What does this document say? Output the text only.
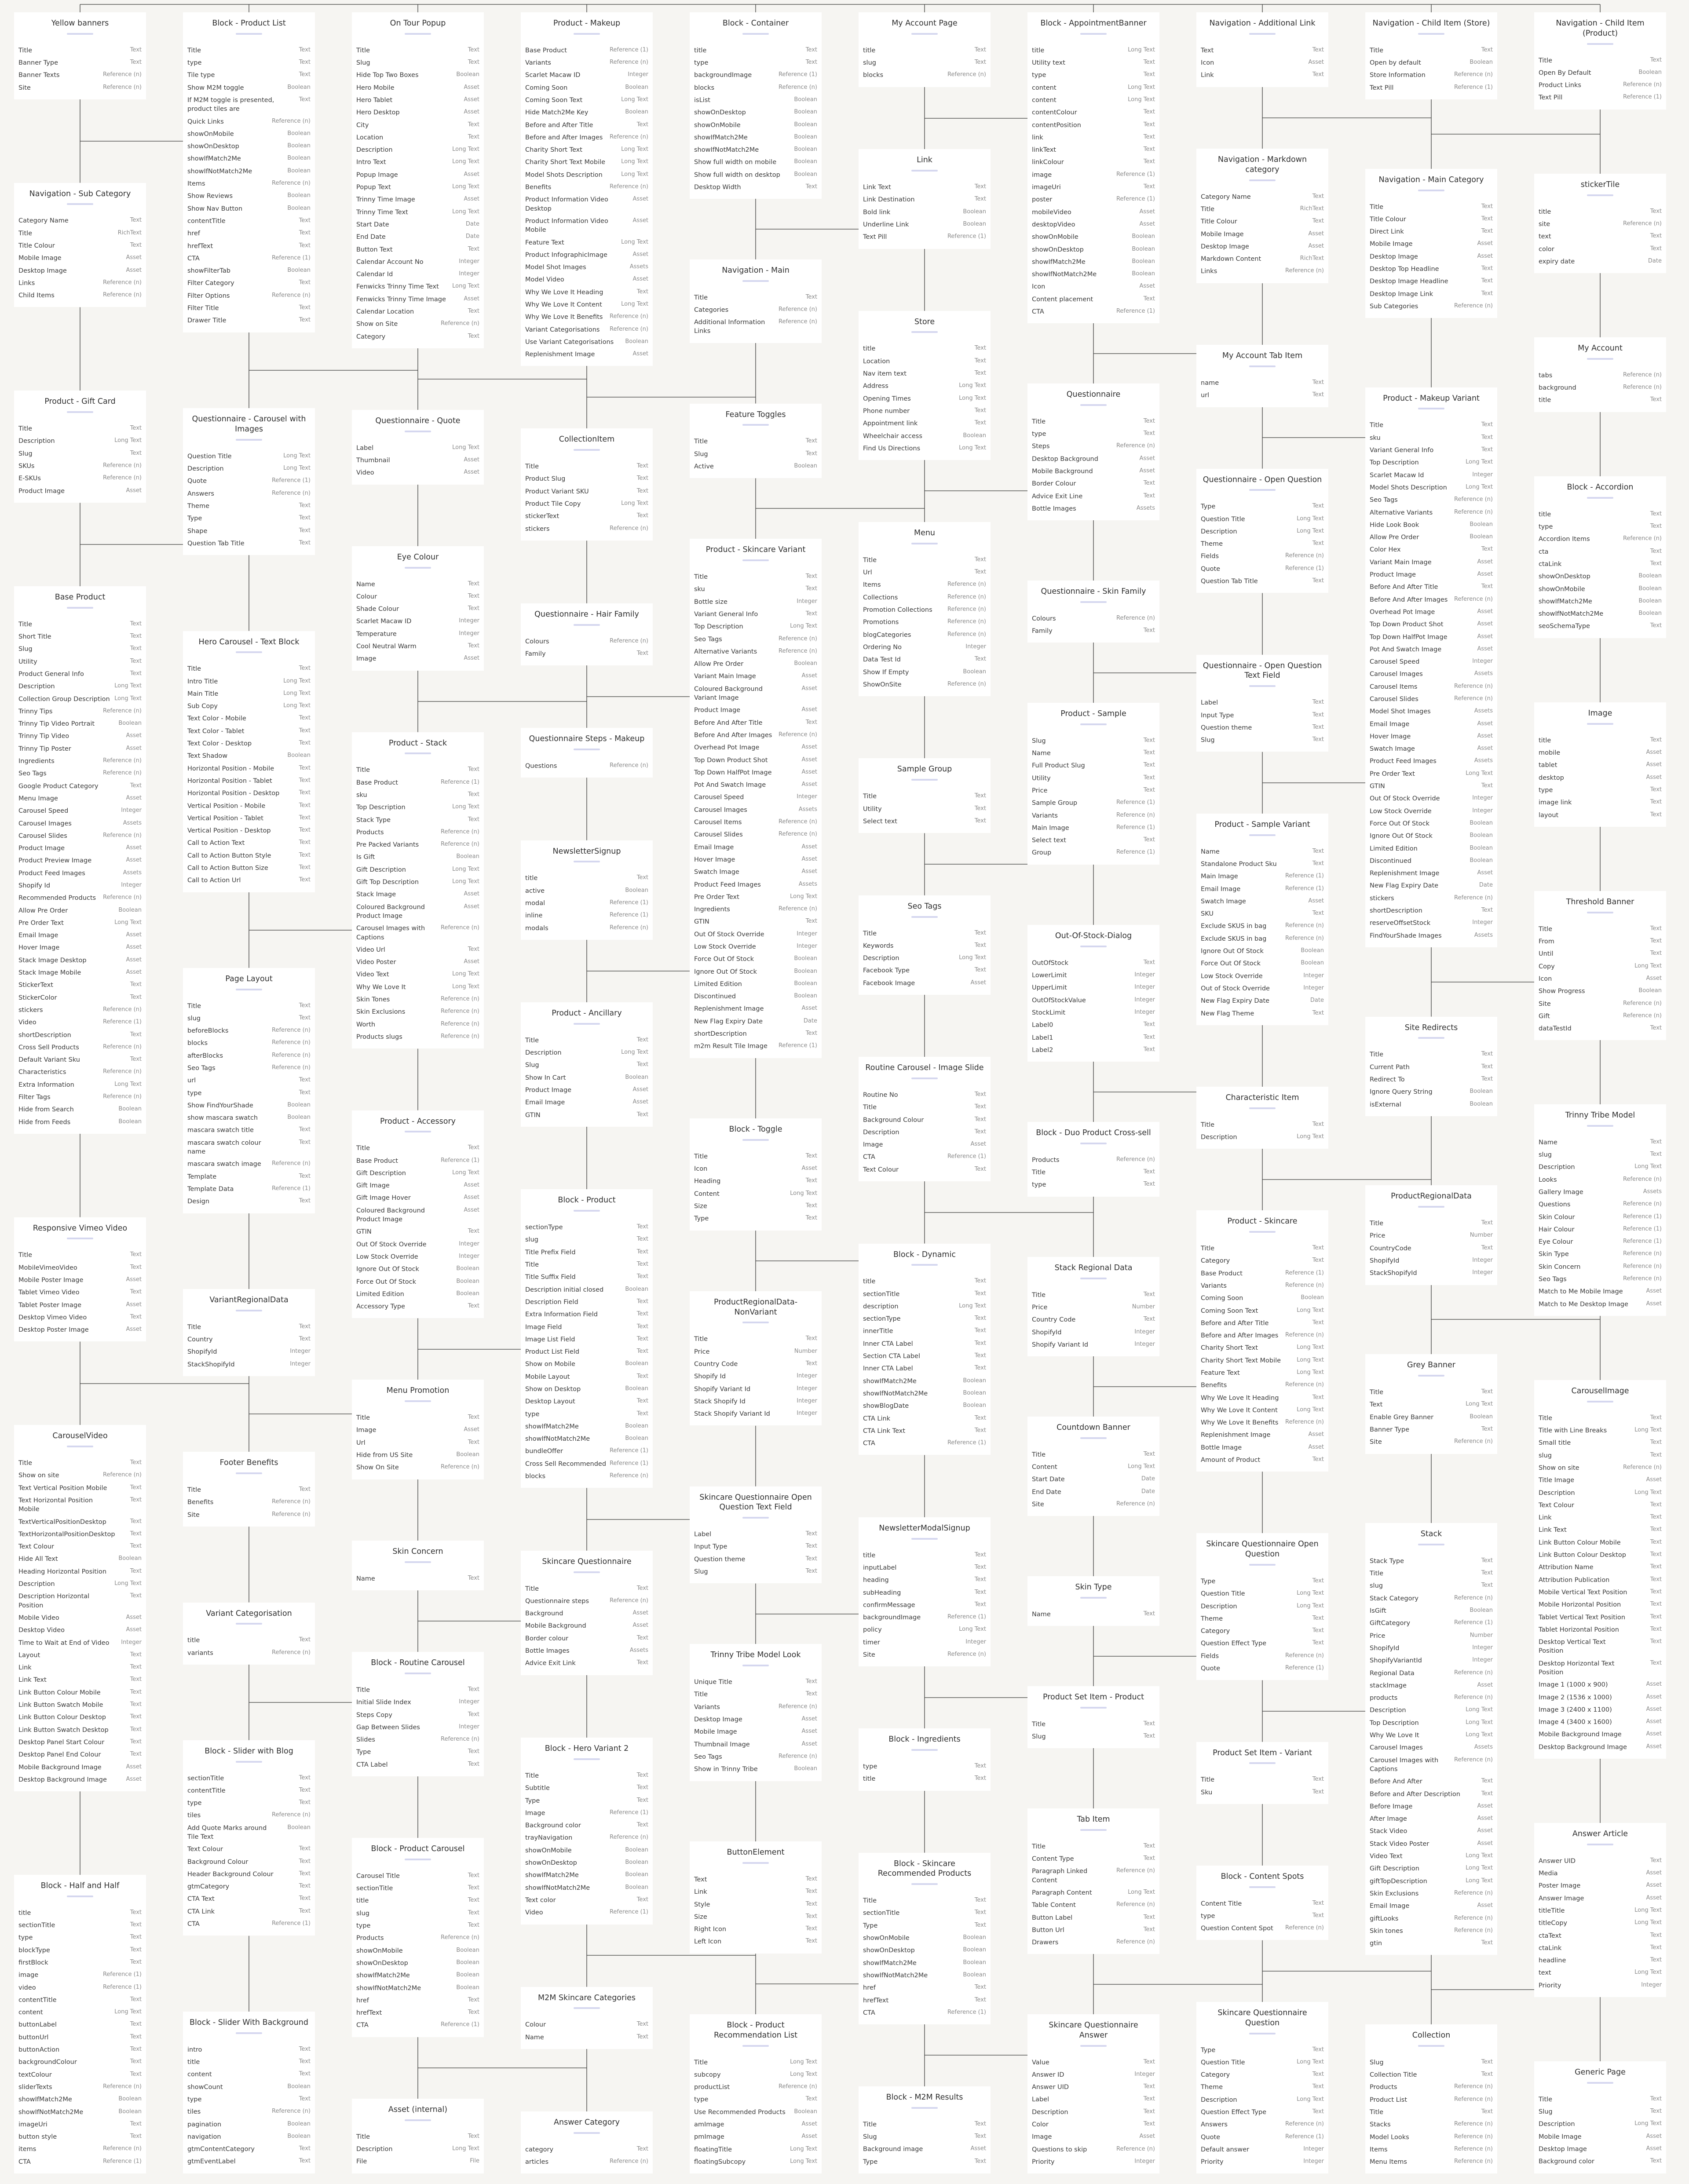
Yellow banners
Title	Text
Banner Type	Text
Banner Texts	Reference (n)
Site	Reference (n)
Navigation - Sub Category
Category Name	Text
Title	RichText
Title Colour	Text
Mobile Image	Asset
Desktop Image	Asset
Links	Reference (n)
Child Items	Reference (n)
Product - Gift Card
Title	Text
Description	Long Text
Slug	Text
SKUs	Reference (n)
E-SKUs	Reference (n)
Product Image	Asset
Base Product
Title	Text
Short Title	Text
Slug	Text
Utility	Text
Product General Info	Text
Description	Long Text
Collection Group Description Long Text
Trinny Tips	Reference (n)
Trinny Tip Video Portrait	Boolean
Trinny Tip Video	Asset
Trinny Tip Poster	Asset
Ingredients	Reference (n)
Seo Tags	Reference (n)
Google Product Category	Text
Menu Image	Asset
Carousel Speed	Integer
Carousel Images	Assets
Carousel Slides	Reference (n)
Product Image	Asset
Product Preview Image	Asset
Product Feed Images	Assets
Shopify Id	Integer
Recommended Products	Reference (n)
Allow Pre Order	Boolean
Pre Order Text	Long Text
Email Image	Asset
Hover Image	Asset
Stack Image Desktop	Asset
Stack Image Mobile	Asset
StickerText	Text
StickerColor	Text
stickers	Reference (n)
Video	Reference (1)
shortDescription	Text
Cross Sell Products	Reference (n)
Default Variant Sku	Text
Characteristics	Reference (n)
Extra Information	Long Text
Filter Tags	Reference (n)
Hide from Search	Boolean
Hide from Feeds	Boolean
Responsive Vimeo Video
Title	Text
MobileVimeoVideo	Text
Mobile Poster Image	Asset
Tablet Vimeo Video	Text
Tablet Poster Image	Asset
Desktop Vimeo Video	Text
Desktop Poster Image	Asset
CarouselVideo
Title	Text
Show on site	Reference (n)
Text Vertical Position Mobile	Text
Text Horizontal Position Mobile
Text
TextVerticalPositionDesktop	Text
TextHorizontalPositionDesktop	Text
Text Colour	Text
Hide All Text	Boolean
Heading Horizontal Position	Text
Description	Long Text
Description Horizontal Position
Text
Mobile Video	Asset
Desktop Video	Asset
Time to Wait at End of Video	Integer
Layout	Text
Link	Text
Link Text	Text
Link Button Colour Mobile	Text
Link Button Swatch Mobile	Text
Link Button Colour Desktop	Text
Link Button Swatch Desktop	Text
Desktop Panel Start Colour	Text
Desktop Panel End Colour	Text
Mobile Background Image	Asset
Desktop Background Image	Asset
Block - Half and Half
title	Text
sectionTitle	Text
type	Text
blockType	Text
firstBlock	Text
image	Reference (1)
video	Reference (1)
contentTitle	Text
content	Long Text
buttonLabel	Text
buttonUrl	Text
buttonAction	Text
backgroundColour	Text
textColour	Text
sliderTexts	Reference (n)
showIfMatch2Me	Boolean
showIfNotMatch2Me	Boolean
imageUri	Text
button style	Text
items	Reference (n)
CTA	Reference (1)
Block - Product List
Title	Text
type	Text
Tile type	Text
Show M2M toggle	Boolean
If M2M toggle is presented, product tiles are
Text
Quick Links	Reference (n)
showOnMobile	Boolean
showOnDesktop	Boolean
showIfMatch2Me	Boolean
showIfNotMatch2Me	Boolean
Items	Reference (n)
Show Reviews	Boolean
Show Nav Button	Boolean
contentTitle	Text
href	Text
hrefText	Text
CTA	Reference (1)
showFilterTab	Boolean
Filter Category	Text
Filter Options	Reference (n)
Filter Title	Text
Drawer Title	Text
Questionnaire - Carousel with Images
Question Title	Long Text
Description	Long Text
Quote	Reference (1)
Answers	Reference (n)
Theme	Text
Type	Text
Shape	Text
Question Tab Title	Text
Hero Carousel - Text Block
Title	Text
Intro Title	Long Text
Main Title	Long Text
Sub Copy	Long Text
Text Color - Mobile	Text
Text Color - Tablet	Text
Text Color - Desktop	Text
Text Shadow	Boolean
Horizontal Position - Mobile	Text
Horizontal Position - Tablet	Text
Horizontal Position - Desktop	Text
Vertical Position - Mobile	Text
Vertical Position - Tablet	Text
Vertical Position - Desktop	Text
Call to Action Text	Text
Call to Action Button Style	Text
Call to Action Button Size	Text
Call to Action Url	Text
Page Layout
Title	Text
slug	Text
beforeBlocks	Reference (n)
blocks	Reference (n)
afterBlocks	Reference (n)
Seo Tags	Reference (n)
url	Text
type	Text
Show FindYourShade	Boolean
show mascara swatch	Boolean
mascara swatch title	Text
mascara swatch colour name
Text
mascara swatch image	Reference (n)
Template	Text
Template Data	Reference (1)
Design	Text
VariantRegionalData
Title	Text
Country	Text
ShopifyId	Integer
StackShopifyId	Integer
Footer Benefits
Title	Text
Benefits	Reference (n)
Site	Reference (n)
Variant Categorisation
title	Text
variants	Reference (n)
Block - Slider with Blog
sectionTitle	Text
contentTitle	Text
type	Text
tiles	Reference (n)
Add Quote Marks around Tile Text
Boolean
Text Colour	Text
Background Colour	Text
Header Background Colour	Text
gtmCategory	Text
CTA Text	Text
CTA Link	Text
CTA	Reference (1)
Block - Slider With Background
intro	Text
title	Text
content	Text
showCount	Boolean
type	Text
tiles	Reference (n)
pagination	Boolean
navigation	Boolean
gtmContentCategory	Text
gtmEventLabel	Text
On Tour Popup
Title	Text
Slug	Text
Hide Top Two Boxes	Boolean
Hero Mobile	Asset
Hero Tablet	Asset
Hero Desktop	Asset
City	Text
Location	Text
Description	Long Text
Intro Text	Long Text
Popup Image	Asset
Popup Text	Long Text
Trinny Time Image	Asset
Trinny Time Text	Long Text
Start Date	Date
End Date	Date
Button Text	Text
Calendar Account No	Integer
Calendar Id	Integer
Fenwicks Trinny Time Text	Long Text
Fenwicks Trinny Time Image	Asset
Calendar Location	Text
Show on Site	Reference (n)
Category	Text
Questionnaire - Quote
Label	Long Text
Thumbnail	Asset
Video	Asset
Eye Colour
Name	Text
Colour	Text
Shade Colour	Text
Scarlet Macaw ID	Integer
Temperature	Integer
Cool Neutral Warm	Text
Image	Asset
Product - Stack
Title	Text
Base Product	Reference (1)
sku	Text
Top Description	Long Text
Stack Type	Text
Products	Reference (n)
Pre Packed Variants	Reference (n)
Is Gift	Boolean
Gift Description	Long Text
Gift Top Description	Long Text
Stack Image	Asset
Coloured Background Product Image
Asset
Carousel Images with Captions
Reference (n)
Video Url	Text
Video Poster	Asset
Video Text	Long Text
Why We Love It	Long Text
Skin Tones	Reference (n)
Skin Exclusions	Reference (n)
Worth	Reference (n)
Products slugs	Reference (n)
Product - Accessory
Title	Text
Base Product	Reference (1)
Gift Description	Long Text
Gift Image	Asset
Gift Image Hover	Asset
Coloured Background Product Image
Asset
GTIN	Text
Out Of Stock Override	Integer
Low Stock Override	Integer
Ignore Out Of Stock	Boolean
Force Out Of Stock	Boolean
Limited Edition	Boolean
Accessory Type	Text
Menu Promotion
Title	Text
Image	Asset
Url	Text
Hide from US Site	Boolean
Show On Site	Reference (n)
Skin Concern
Name	Text
Block - Routine Carousel
Title	Text
Initial Slide Index	Integer
Steps Copy	Text
Gap Between Slides	Integer
Slides	Reference (n)
Type	Text
CTA Label	Text
Block - Product Carousel
Carousel Title	Text
sectionTitle	Text
title	Text
slug	Text
type	Text
Products	Reference (n)
showOnMobile	Boolean
showOnDesktop	Boolean
showIfMatch2Me	Boolean
showIfNotMatch2Me	Boolean
href	Text
hrefText	Text
CTA	Reference (1)
Asset (internal)
Title	Text
Description	Long Text
File	File
Product - Makeup
Base Product	Reference (1)
Variants	Reference (n)
Scarlet Macaw ID	Integer
Coming Soon	Boolean
Coming Soon Text	Long Text
Hide Match2Me Key	Boolean
Before and After Title	Text
Before and After Images	Reference (n)
Charity Short Text	Long Text
Charity Short Text Mobile	Long Text
Model Shots Description	Long Text
Benefits	Reference (n)
Product Information Video Desktop
Asset
Product Information Video Mobile
Asset
Feature Text	Long Text
Product InfographicImage	Asset
Model Shot Images	Assets
Model Video	Asset
Why We Love It Heading	Text
Why We Love It Content	Long Text
Why We Love It Benefits	Reference (n)
Variant Categorisations	Reference (n)
Use Variant Categorisations	Boolean
Replenishment Image	Asset
CollectionItem
Title	Text
Product Slug	Text
Product Variant SKU	Text
Product Tile Copy	Long Text
stickerText	Text
stickers	Reference (n)
Questionnaire - Hair Family
Colours	Reference (n)
Family	Text
Questionnaire Steps - Makeup
Questions	Reference (n)
NewsletterSignup
title	Text
active	Boolean
modal	Reference (1)
inline	Reference (1)
modals	Reference (n)
Product - Ancillary
Title	Text
Description	Long Text
Slug	Text
Show In Cart	Boolean
Product Image	Asset
Email Image	Asset
GTIN	Text
Block - Product
sectionType	Text
slug	Text
Title Prefix Field	Text
Title	Text
Title Suffix Field	Text
Description initial closed	Boolean
Description Field	Text
Extra Information Field	Text
Image Field	Text
Image List Field	Text
Product List Field	Text
Show on Mobile	Boolean
Mobile Layout	Text
Show on Desktop	Boolean
Desktop Layout	Text
type	Text
showIfMatch2Me	Boolean
showIfNotMatch2Me	Boolean
bundleOffer	Reference (1)
Cross Sell Recommended Reference (1)
blocks	Reference (n)
Skincare Questionnaire
Title	Text
Questionnaire steps	Reference (n)
Background	Asset
Mobile Background	Asset
Border colour	Text
Bottle Images	Assets
Advice Exit Link	Text
Block - Hero Variant 2
Title	Text
Subtitle	Text
Type	Text
Image	Reference (1)
Background color	Text
trayNavigation	Reference (n)
showOnMobile	Boolean
showOnDesktop	Boolean
showIfMatch2Me	Boolean
showIfNotMatch2Me	Boolean
Text color	Text
Video	Reference (1)
M2M Skincare Categories
Colour	Text
Name	Text
Answer Category
category	Text
articles	Reference (n)
Block - Container
title	Text
type	Text
backgroundImage	Reference (1)
blocks	Reference (n)
isList	Boolean
showOnDesktop	Boolean
showOnMobile	Boolean
showIfMatch2Me	Boolean
showIfNotMatch2Me	Boolean
Show full width on mobile	Boolean
Show full width on desktop	Boolean
Desktop Width	Text
Navigation - Main
Title	Text
Categories	Reference (n)
Additional Information Links
Reference (n)
Feature Toggles
Title	Text
Slug	Text
Active	Boolean
Product - Skincare Variant
Title	Text
sku	Text
Bottle size	Integer
Variant General Info	Text
Top Description	Long Text
Seo Tags	Reference (n)
Alternative Variants	Reference (n)
Allow Pre Order	Boolean
Variant Main Image	Asset
Coloured Background Variant Image
Asset
Product Image	Asset
Before And After Title	Text
Before And After Images	Reference (n)
Overhead Pot Image	Asset
Top Down Product Shot	Asset
Top Down HalfPot Image	Asset
Pot And Swatch Image	Asset
Carousel Speed	Integer
Carousel Images	Assets
Carousel Items	Reference (n)
Carousel Slides	Reference (n)
Email Image	Asset
Hover Image	Asset
Swatch Image	Asset
Product Feed Images	Assets
Pre Order Text	Long Text
Ingredients	Reference (n)
GTIN	Text
Out Of Stock Override	Integer
Low Stock Override	Integer
Force Out Of Stock	Boolean
Ignore Out Of Stock	Boolean
Limited Edition	Boolean
Discontinued	Boolean
Replenishment Image	Asset
New Flag Expiry Date	Date
shortDescription	Text
m2m Result Tile Image	Reference (1)
Block - Toggle
Title	Text
Icon	Asset
Heading	Text
Content	Long Text
Size	Text
Type	Text
ProductRegionalData- NonVariant
Title	Text
Price	Number
Country Code	Text
Shopify Id	Integer
Shopify Variant Id	Integer
Stack Shopify Id	Integer
Stack Shopify Variant Id	Integer
Skincare Questionnaire Open Question Text Field
Label	Text
Input Type	Text
Question theme	Text
Slug	Text
Trinny Tribe Model Look
Unique Title	Text
Title	Text
Variants	Reference (n)
Desktop Image	Asset
Mobile Image	Asset
Thumbnail Image	Asset
Seo Tags	Reference (n)
Show in Trinny Tribe	Boolean
ButtonElement
Text	Text
Link	Text
Style	Text
Size	Text
Right Icon	Text
Left Icon	Text
Block - Product Recommendation List
Title	Long Text
subcopy	Long Text
productList	Reference (n)
type	Text
Use Recommended Products	Boolean
amImage	Asset
pmImage	Asset
floatingTitle	Long Text
floatingSubcopy	Long Text
My Account Page
title	Text
slug	Text
blocks	Reference (n)
Link
Link Text	Text
Link Destination	Text
Bold link	Boolean
Underline Link	Boolean
Text Pill	Reference (1)
Store
title	Text
Location	Text
Nav item text	Text
Address	Long Text
Opening Times	Long Text
Phone number	Text
Appointment link	Text
Wheelchair access	Boolean
Find Us Directions	Long Text
Menu
Title	Text
Url	Text
Items	Reference (n)
Collections	Reference (n)
Promotion Collections	Reference (n)
Promotions	Reference (n)
blogCategories	Reference (n)
Ordering No	Integer
Data Test Id	Text
Show If Empty	Boolean
ShowOnSite	Reference (n)
Sample Group
Title	Text
Utility	Text
Select text	Text
Seo Tags
Title	Text
Keywords	Text
Description	Long Text
Facebook Type	Text
Facebook Image	Asset
Routine Carousel - Image Slide
Routine No	Text
Title	Text
Background Colour	Text
Description	Text
Image	Asset
CTA	Reference (1)
Text Colour	Text
Block - Dynamic
title	Text
sectionTitle	Text
description	Long Text
sectionType	Text
innerTitle	Text
Inner CTA Label	Text
Section CTA Label	Text
Inner CTA Label	Text
showIfMatch2Me	Boolean
showIfNotMatch2Me	Boolean
showBlogDate	Boolean
CTA Link	Text
CTA Link Text	Text
CTA	Reference (1)
NewsletterModalSignup
title	Text
inputLabel	Text
heading	Text
subHeading	Text
confirmMessage	Text
backgroundImage	Reference (1)
policy	Long Text
timer	Integer
Site	Reference (n)
Block - Ingredients
type	Text
title	Text
Block - Skincare Recommended Products
Title	Text
sectionTitle	Text
Type	Text
showOnMobile	Boolean
showOnDesktop	Boolean
showIfMatch2Me	Boolean
showIfNotMatch2Me	Boolean
href	Text
hrefText	Text
CTA	Reference (1)
Block - M2M Results
Title	Text
Slug	Text
Background image	Asset
Type	Text
Block - AppointmentBanner
title	Long Text
Utility text	Text
type	Text
content	Long Text
content	Long Text
contentColour	Text
contentPosition	Text
link	Text
linkText	Text
linkColour	Text
image	Reference (1)
imageUri	Text
poster	Reference (1)
mobileVideo	Asset
desktopVideo	Asset
showOnMobile	Boolean
showOnDesktop	Boolean
showIfMatch2Me	Boolean
showIfNotMatch2Me	Boolean
Icon	Asset
Content placement	Text
CTA	Reference (1)
Questionnaire
Title	Text
type	Text
Steps	Reference (n)
Desktop Background	Asset
Mobile Background	Asset
Border Colour	Text
Advice Exit Line	Text
Bottle Images	Assets
Questionnaire - Skin Family
Colours	Reference (n)
Family	Text
Product - Sample
Slug	Text
Name	Text
Full Product Slug	Text
Utility	Text
Price	Text
Sample Group	Reference (1)
Variants	Reference (n)
Main Image	Reference (1)
Select text	Text
Group	Reference (1)
Out-Of-Stock-Dialog
OutOfStock	Text
LowerLimit	Integer
UpperLimit	Integer
OutOfStockValue	Integer
StockLimit	Integer
Label0	Text
Label1	Text
Label2	Text
Block - Duo Product Cross-sell
Products	Reference (n)
Title	Text
type	Text
Stack Regional Data
Title	Text
Price	Number
Country Code	Text
ShopifyId	Integer
Shopify Variant Id	Integer
Countdown Banner
Title	Text
Content	Long Text
Start Date	Date
End Date	Date
Site	Reference (n)
Skin Type
Name	Text
Product Set Item - Product
Title	Text
Slug	Text
Tab Item
Title	Text
Content Type	Text
Paragraph Linked Content
Reference (n)
Paragraph Content	Long Text
Table Content	Reference (n)
Button Label	Text
Button Url	Text
Drawers	Reference (n)
Skincare Questionnaire Answer
Value	Text
Answer ID	Integer
Answer UID	Text
Label	Text
Description	Text
Color	Text
Image	Asset
Questions to skip	Reference (n)
Priority	Integer
Navigation - Additional Link
Text	Text
Icon	Asset
Link	Text
Navigation - Markdown category
Category Name	Text
Title	RichText
Title Colour	Text
Mobile Image	Asset
Desktop Image	Asset
Markdown Content	RichText
Links	Reference (n)
My Account Tab Item
name	Text
url	Text
Questionnaire - Open Question
Type	Text
Question Title	Long Text
Description	Long Text
Theme	Text
Fields	Reference (n)
Quote	Reference (1)
Question Tab Title	Text
Questionnaire - Open Question Text Field
Label	Text
Input Type	Text
Question theme	Text
Slug	Text
Product - Sample Variant
Name	Text
Standalone Product Sku	Text
Main Image	Reference (1)
Email Image	Reference (1)
Swatch Image	Asset
SKU	Text
Exclude SKUS in bag	Reference (n)
Exclude SKUS in bag	Reference (n)
Ignore Out Of Stock	Boolean
Force Out Of Stock	Boolean
Low Stock Override	Integer
Out of Stock Override	Integer
New Flag Expiry Date	Date
New Flag Theme	Text
Characteristic Item
Title	Text
Description	Long Text
Product - Skincare
Title	Text
Category	Text
Base Product	Reference (1)
Variants	Reference (n)
Coming Soon	Boolean
Coming Soon Text	Long Text
Before and After Title	Text
Before and After Images	Reference (n)
Charity Short Text	Long Text
Charity Short Text Mobile	Long Text
Feature Text	Long Text
Benefits	Reference (n)
Why We Love It Heading	Text
Why We Love It Content	Long Text
Why We Love It Benefits	Reference (n)
Replenishment Image	Asset
Bottle Image	Asset
Amount of Product	Text
Skincare Questionnaire Open Question
Type	Text
Question Title	Long Text
Description	Long Text
Theme	Text
Category	Text
Question Effect Type	Text
Fields	Reference (n)
Quote	Reference (1)
Product Set Item - Variant
Title	Text
Sku	Text
Block - Content Spots
Content Title	Text
type	Text
Question Content Spot	Reference (n)
Skincare Questionnaire Question
Type	Text
Question Title	Long Text
Category	Text
Theme	Text
Description	Long Text
Question Effect Type	Text
Answers	Reference (n)
Quote	Reference (1)
Default answer	Integer
Priority	Integer
Navigation - Child Item (Store)
Title	Text
Open by default	Boolean
Store Information	Reference (n)
Text Pill	Reference (1)
Navigation - Main Category
Title	Text
Title Colour	Text
Direct Link	Text
Mobile Image	Asset
Desktop Image	Asset
Desktop Top Headline	Text
Desktop Image Headline	Text
Desktop Image Link	Text
Sub Categories	Reference (n)
Product - Makeup Variant
Title	Text
sku	Text
Variant General Info	Text
Top Description	Long Text
Scarlet Macaw Id	Integer
Model Shots Description	Long Text
Seo Tags	Reference (n)
Alternative Variants	Reference (n)
Hide Look Book	Boolean
Allow Pre Order	Boolean
Color Hex	Text
Variant Main Image	Asset
Product Image	Asset
Before And After Title	Text
Before And After Images	Reference (n)
Overhead Pot Image	Asset
Top Down Product Shot	Asset
Top Down HalfPot Image	Asset
Pot And Swatch Image	Asset
Carousel Speed	Integer
Carousel Images	Assets
Carousel Items	Reference (n)
Carousel Slides	Reference (n)
Model Shot Images	Assets
Email Image	Asset
Hover Image	Asset
Swatch Image	Asset
Product Feed Images	Assets
Pre Order Text	Long Text
GTIN	Text
Out Of Stock Override	Integer
Low Stock Override	Integer
Force Out Of Stock	Boolean
Ignore Out Of Stock	Boolean
Limited Edition	Boolean
Discontinued	Boolean
Replenishment Image	Asset
New Flag Expiry Date	Date
stickers	Reference (n)
shortDescription	Text
reserveOffsetStock	Integer
FindYourShade Images	Assets
Site Redirects
Title	Text
Current Path	Text
Redirect To	Text
Ignore Query String	Boolean
isExternal	Boolean
ProductRegionalData
Title	Text
Price	Number
CountryCode	Text
ShopifyId	Integer
StackShopifyId	Integer
Grey Banner
Title	Text
Text	Long Text
Enable Grey Banner	Boolean
Banner Type	Text
Site	Reference (n)
Stack
Stack Type	Text
Title	Text
slug	Text
Stack Category	Reference (n)
IsGift	Boolean
GiftCategory	Reference (1)
Price	Number
ShopifyId	Integer
ShopifyVariantId	Integer
Regional Data	Reference (n)
stackImage	Asset
products	Reference (n)
Description	Long Text
Top Description	Long Text
Why We Love It	Long Text
Carousel Images	Assets
Carousel Images with Captions
Reference (n)
Before And After	Text
Before and After Description	Text
Before Image	Asset
After Image	Asset
Stack Video	Asset
Stack Video Poster	Asset
Video Text	Long Text
Gift Description	Long Text
giftTopDescription	Long Text
Skin Exclusions	Reference (n)
Email Image	Asset
giftLooks	Reference (n)
Skin tones	Reference (n)
gtin	Text
Collection
Slug	Text
Collection Title	Text
Products	Reference (n)
Product List	Reference (n)
Title	Text
Stacks	Reference (n)
Model Looks	Reference (n)
Items	Reference (n)
Menu Items	Reference (n)
Navigation - Child Item (Product)
Title	Text
Open By Default	Boolean
Product Links	Reference (n)
Text Pill	Reference (1)
stickerTile
title	Text
site	Reference (n)
text	Text
color	Text
expiry date	Date
My Account
tabs	Reference (n)
background	Reference (n)
title	Text
Block - Accordion
title	Text
type	Text
Accordion Items	Reference (n)
cta	Text
ctaLink	Text
showOnDesktop	Boolean
showOnMobile	Boolean
showIfMatch2Me	Boolean
showIfNotMatch2Me	Boolean
seoSchemaType	Text
Image
title	Text
mobile	Asset
tablet	Asset
desktop	Asset
type	Text
image link	Text
layout	Text
Threshold Banner
Title	Text
From	Text
Until	Text
Copy	Long Text
Icon	Asset
Show Progress	Boolean
Site	Reference (n)
Gift	Reference (n)
dataTestId	Text
Trinny Tribe Model
Name	Text
slug	Text
Description	Long Text
Looks	Reference (n)
Gallery Image	Assets
Questions	Reference (n)
Skin Colour	Reference (1)
Hair Colour	Reference (1)
Eye Colour	Reference (1)
Skin Type	Reference (n)
Skin Concern	Reference (n)
Seo Tags	Reference (n)
Match to Me Mobile Image	Asset
Match to Me Desktop Image	Asset
CarouselImage
Title	Text
Title with Line Breaks	Long Text
Small title	Text
slug	Text
Show on site	Reference (n)
Title Image	Asset
Description	Long Text
Text Colour	Text
Link	Text
Link Text	Text
Link Button Colour Mobile	Text
Link Button Colour Desktop	Text
Attribution Name	Text
Attribution Publication	Text
Mobile Vertical Text Position	Text
Mobile Horizontal Position	Text
Tablet Vertical Text Position	Text
Tablet Horizontal Position	Text
Desktop Vertical Text Position
Text
Desktop Horizontal Text Position
Text
Image 1 (1000 x 900)	Asset
Image 2 (1536 x 1000)	Asset
Image 3 (2400 x 1100)	Asset
Image 4 (3400 x 1600)	Asset
Mobile Background Image	Asset
Desktop Background Image	Asset
Answer Article
Answer UID	Text
Media	Asset
Poster Image	Asset
Answer Image	Asset
titleTitle	Long Text
titleCopy	Long Text
ctaText	Text
ctaLink	Text
headline	Text
text	Long Text
Priority	Integer
Generic Page
Title	Text
Slug	Text
Description	Long Text
Mobile Image	Asset
Desktop Image	Asset
Background color	Text
